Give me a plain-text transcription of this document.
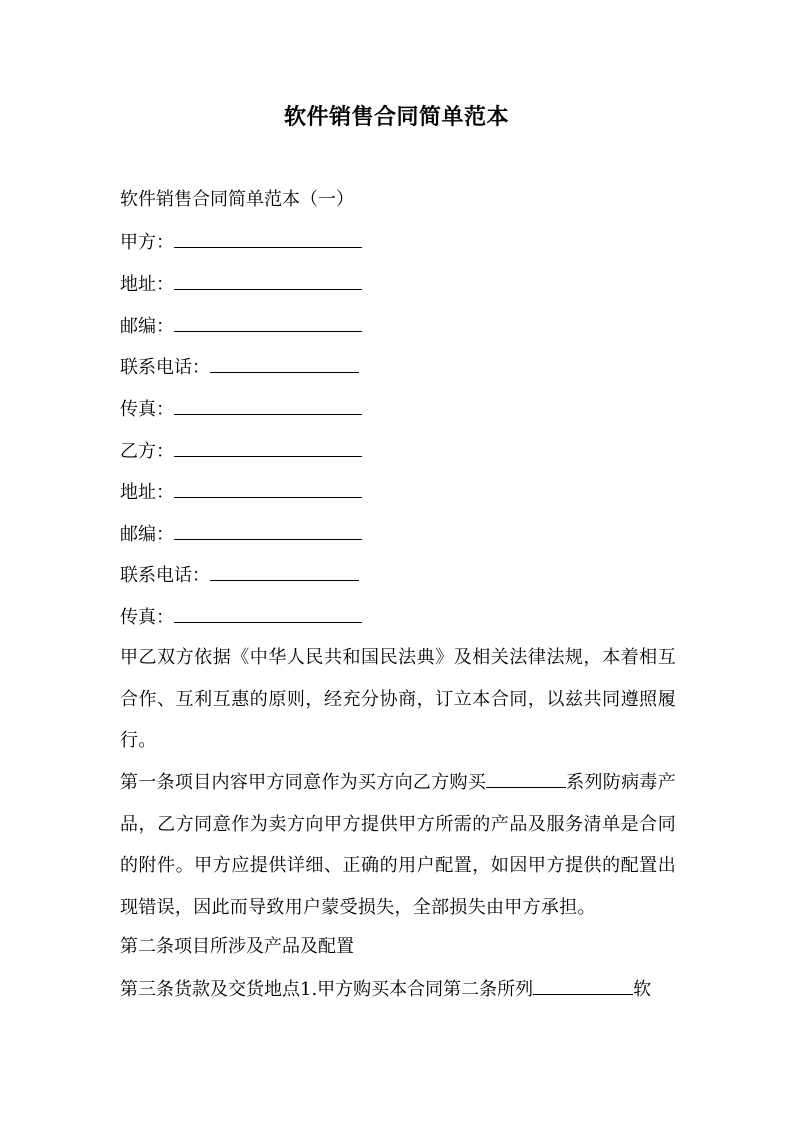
软件销售合同简单范本
软件销售合同简单范本（一）
甲方：
地址：
邮编：
联系电话：
传真：
乙方：
地址：
邮编：
联系电话：
传真：
甲乙双方依据《中华人民共和国民法典》及相关法律法规，本着相互合作、互利互惠的原则，经充分协商，订立本合同，以兹共同遵照履行。
第一条项目内容甲方同意作为买方向乙方购买	系列防病毒产品，乙方同意作为卖方向甲方提供甲方所需的产品及服务清单是合同的附件。甲方应提供详细、正确的用户配置，如因甲方提供的配置出现错误，因此而导致用户蒙受损失，全部损失由甲方承担。
第二条项目所涉及产品及配置
第三条货款及交货地点1.甲方购买本合同第二条所列	软
